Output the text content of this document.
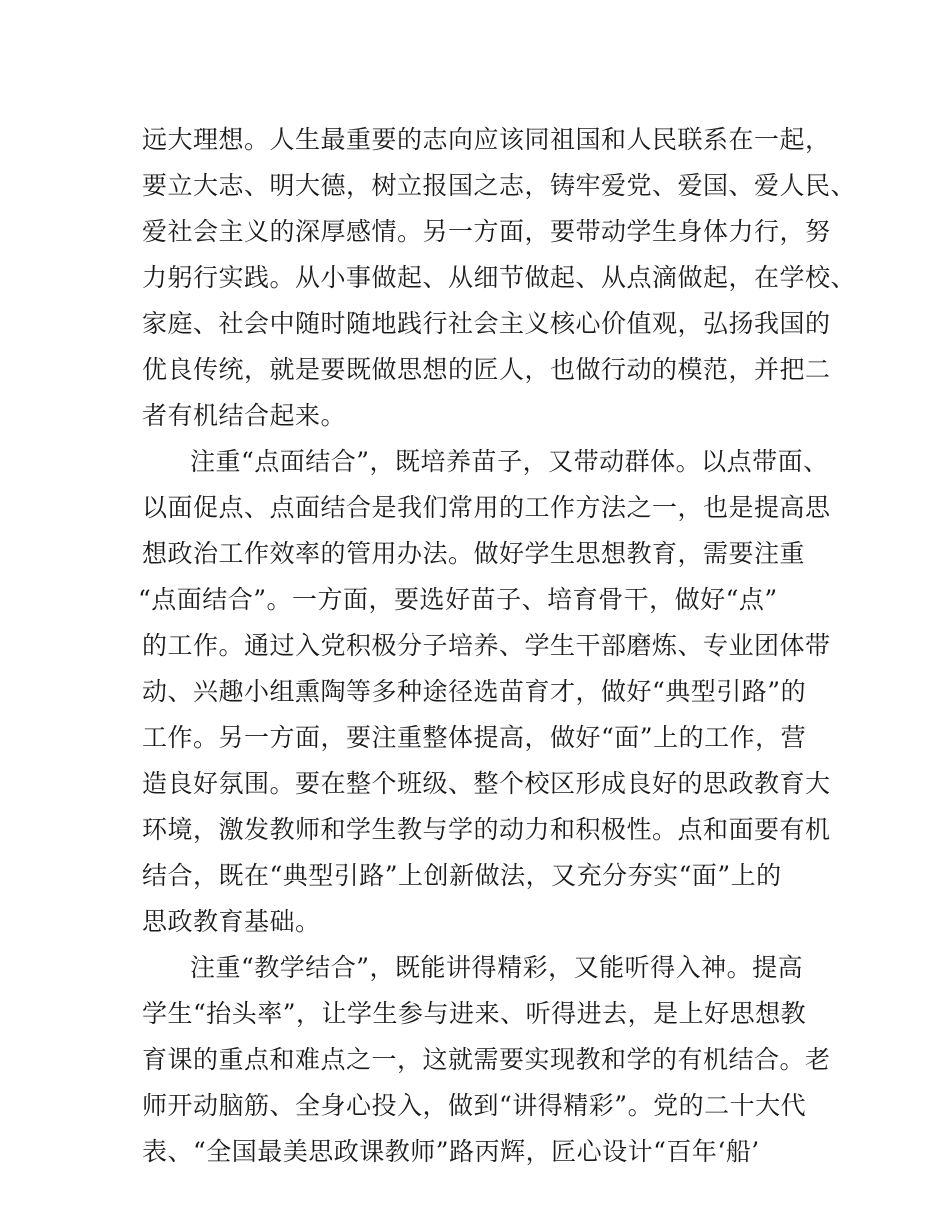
远大理想。人生最重要的志向应该同祖国和人民联系在一起，
要立大志、明大德，树立报国之志，铸牢爱党、爱国、爱人民、
爱社会主义的深厚感情。另一方面，要带动学生身体力行，努
力躬行实践。从小事做起、从细节做起、从点滴做起，在学校、
家庭、社会中随时随地践行社会主义核心价值观，弘扬我国的
优良传统，就是要既做思想的匠人，也做行动的模范，并把二
者有机结合起来。
注重“点面结合”，既培养苗子，又带动群体。以点带面、
以面促点、点面结合是我们常用的工作方法之一，也是提高思
想政治工作效率的管用办法。做好学生思想教育，需要注重
“点面结合”。一方面，要选好苗子、培育骨干，做好“点”
的工作。通过入党积极分子培养、学生干部磨炼、专业团体带
动、兴趣小组熏陶等多种途径选苗育才，做好“典型引路”的
工作。另一方面，要注重整体提高，做好“面”上的工作，营
造良好氛围。要在整个班级、整个校区形成良好的思政教育大
环境，激发教师和学生教与学的动力和积极性。点和面要有机
结合，既在“典型引路”上创新做法，又充分夯实“面”上的
思政教育基础。
注重“教学结合”，既能讲得精彩，又能听得入神。提高
学生“抬头率”，让学生参与进来、听得进去，是上好思想教
育课的重点和难点之一，这就需要实现教和学的有机结合。老
师开动脑筋、全身心投入，做到“讲得精彩”。党的二十大代
表、“全国最美思政课教师”路丙辉，匠心设计“百年‘船’
